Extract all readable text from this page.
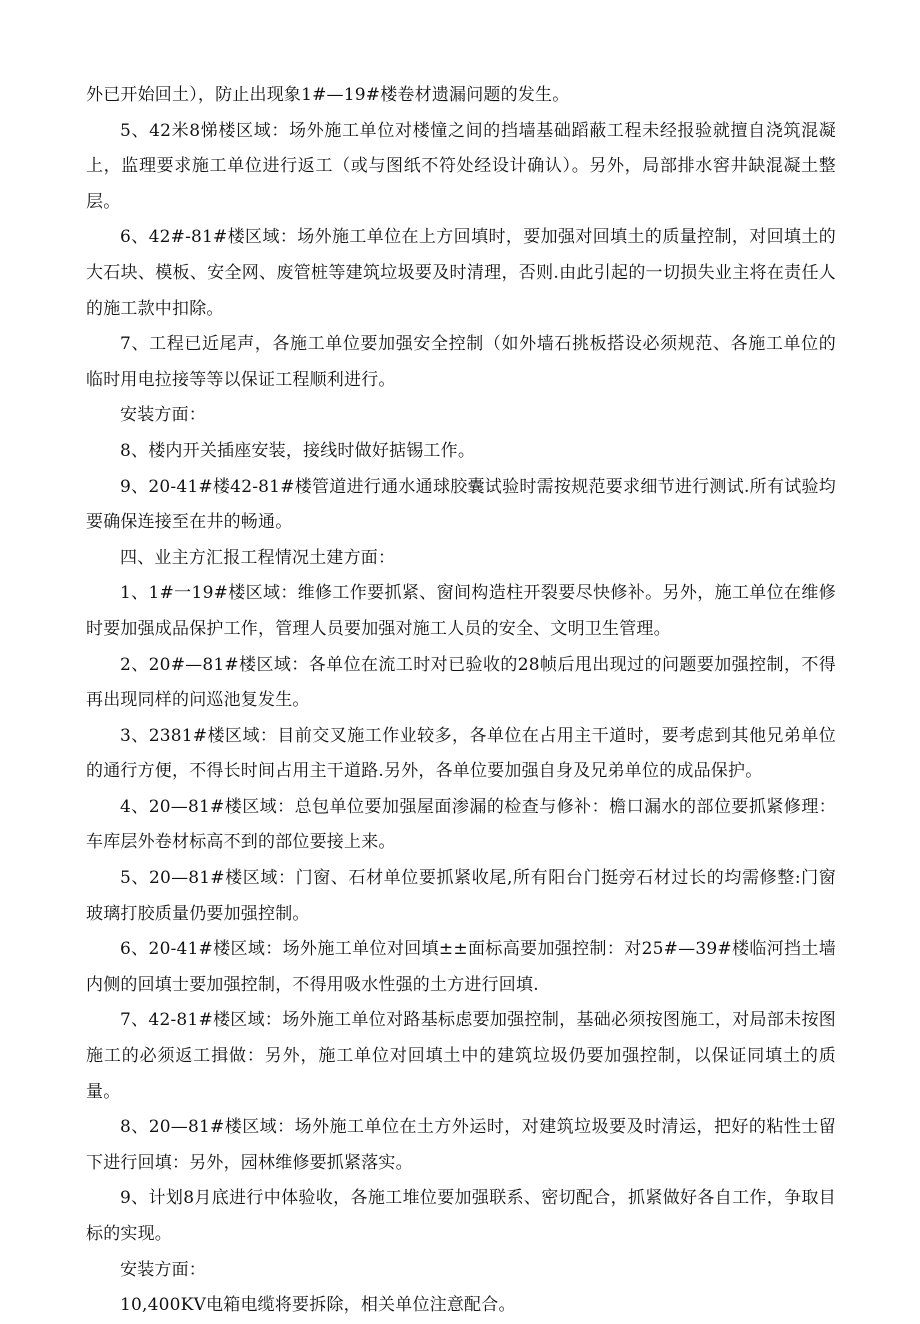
外已开始回土），防止出现象1#—19#楼卷材遗漏问题的发生。

5、42米8悌楼区域：场外施工单位对楼憧之间的挡墙基础蹈蔽工程未经报验就擅自浇筑混凝上，监理要求施工单位进行返工（或与图纸不符处经设计确认）。另外，局部排水窖井缺混凝土整层。

6、42#-81#楼区域：场外施工单位在上方回填时，要加强对回填土的质量控制，对回填土的大石块、模板、安全网、废管桩等建筑垃圾要及时清理，否则.由此引起的一切损失业主将在责任人的施工款中扣除。

7、工程已近尾声，各施工单位要加强安全控制（如外墙石挑板搭设必须规范、各施工单位的临时用电拉接等等以保证工程顺利进行。

安装方面：

8、楼内开关插座安装，接线时做好掂锡工作。

9、20-41#楼42-81#楼管道进行通水通球胶囊试验时需按规范要求细节进行测试.所有试验均要确保连接至在井的畅通。

四、业主方汇报工程情况土建方面：

1、1#一19#楼区域：维修工作要抓紧、窗间构造柱开裂要尽快修补。另外，施工单位在维修时要加强成品保护工作，管理人员要加强对施工人员的安全、文明卫生管理。

2、20#—81#楼区域：各单位在流工时对已验收的28帧后甩出现过的问题要加强控制，不得再出现同样的问巡池复发生。

3、2381#楼区域：目前交叉施工作业较多，各单位在占用主干道时，要考虑到其他兄弟单位的通行方便，不得长时间占用主干道路.另外，各单位要加强自身及兄弟单位的成品保护。

4、20—81#楼区域：总包单位要加强屋面渗漏的检查与修补：檐口漏水的部位要抓紧修理：车库层外卷材标高不到的部位要接上来。

5、20—81#楼区域：门窗、石材单位要抓紧收尾,所有阳台门挺旁石材过长的均需修整:门窗玻璃打胶质量仍要加强控制。

6、20-41#楼区域：场外施工单位对回填±±面标高要加强控制：对25#—39#楼临河挡土墙内侧的回填士要加强控制，不得用吸水性强的土方进行回填.

7、42-81#楼区域：场外施工单位对路基标虑要加强控制，基础必须按图施工，对局部未按图施工的必须返工揖做：另外，施工单位对回填土中的建筑垃圾仍要加强控制，以保证同填土的质量。

8、20—81#楼区域：场外施工单位在土方外运时，对建筑垃圾要及时清运，把好的粘性士留下进行回填：另外，园林维修要抓紧落实。

9、计划8月底进行中体验收，各施工堆位要加强联系、密切配合，抓紧做好各自工作，争取目标的实现。

安装方面：

10,400KV电箱电缆将要拆除，相关单位注意配合。
